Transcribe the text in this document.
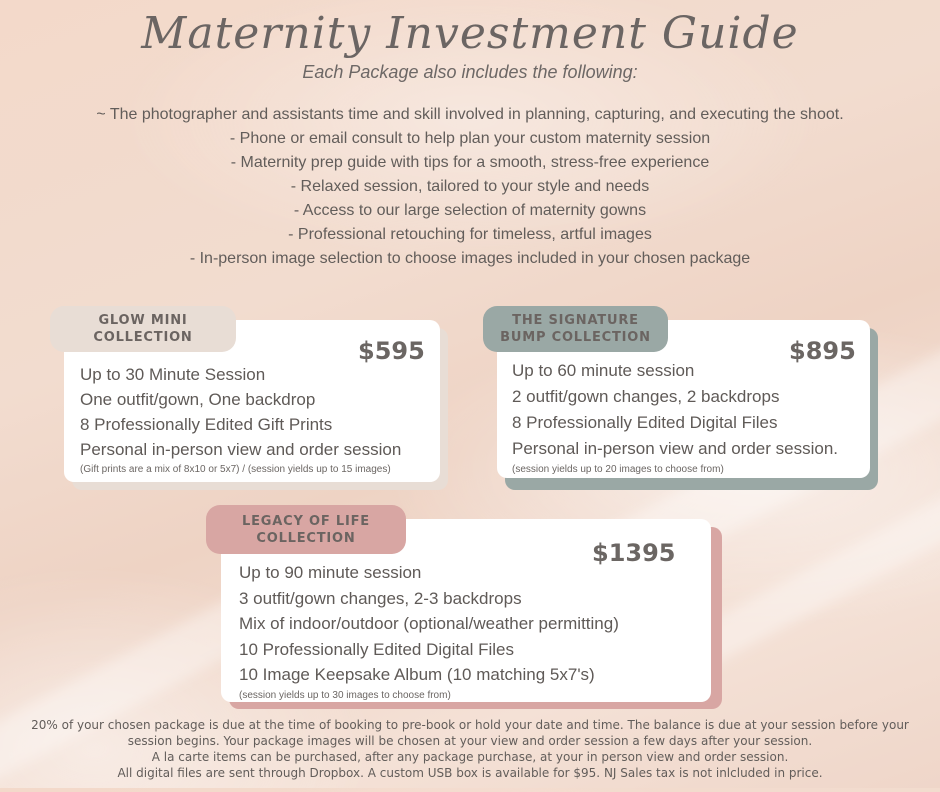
Maternity Investment Guide
Each Package also includes the following:
~ The photographer and assistants time and skill involved in planning, capturing, and executing the shoot.
- Phone or email consult to help plan your custom maternity session
- Maternity prep guide with tips for a smooth, stress-free experience
- Relaxed session, tailored to your style and needs
- Access to our large selection of maternity gowns
- Professional retouching for timeless, artful images
- In-person image selection to choose images included in your chosen package
GLOW MINI
COLLECTION	$595
Up to 30 Minute Session
One outfit/gown, One backdrop
8 Professionally Edited Gift Prints
Personal in-person view and order session
(Gift prints are a mix of 8x10 or 5x7) / (session yields up to 15 images)
THE SIGNATURE
BUMP COLLECTION	$895
Up to 60 minute session
2 outfit/gown changes, 2 backdrops
8 Professionally Edited Digital Files
Personal in-person view and order session.
(session yields up to 20 images to choose from)
LEGACY OF LIFE
COLLECTION
$1395
Up to 90 minute session
3 outfit/gown changes, 2-3 backdrops
Mix of indoor/outdoor (optional/weather permitting)
10 Professionally Edited Digital Files
10 Image Keepsake Album (10 matching 5x7's)
(session yields up to 30 images to choose from)
20% of your chosen package is due at the time of booking to pre-book or hold your date and time. The balance is due at your session before your
session begins. Your package images will be chosen at your view and order session a few days after your session.
A la carte items can be purchased, after any package purchase, at your in person view and order session.
All digital files are sent through Dropbox. A custom USB box is available for $95. NJ Sales tax is not inlcluded in price.
